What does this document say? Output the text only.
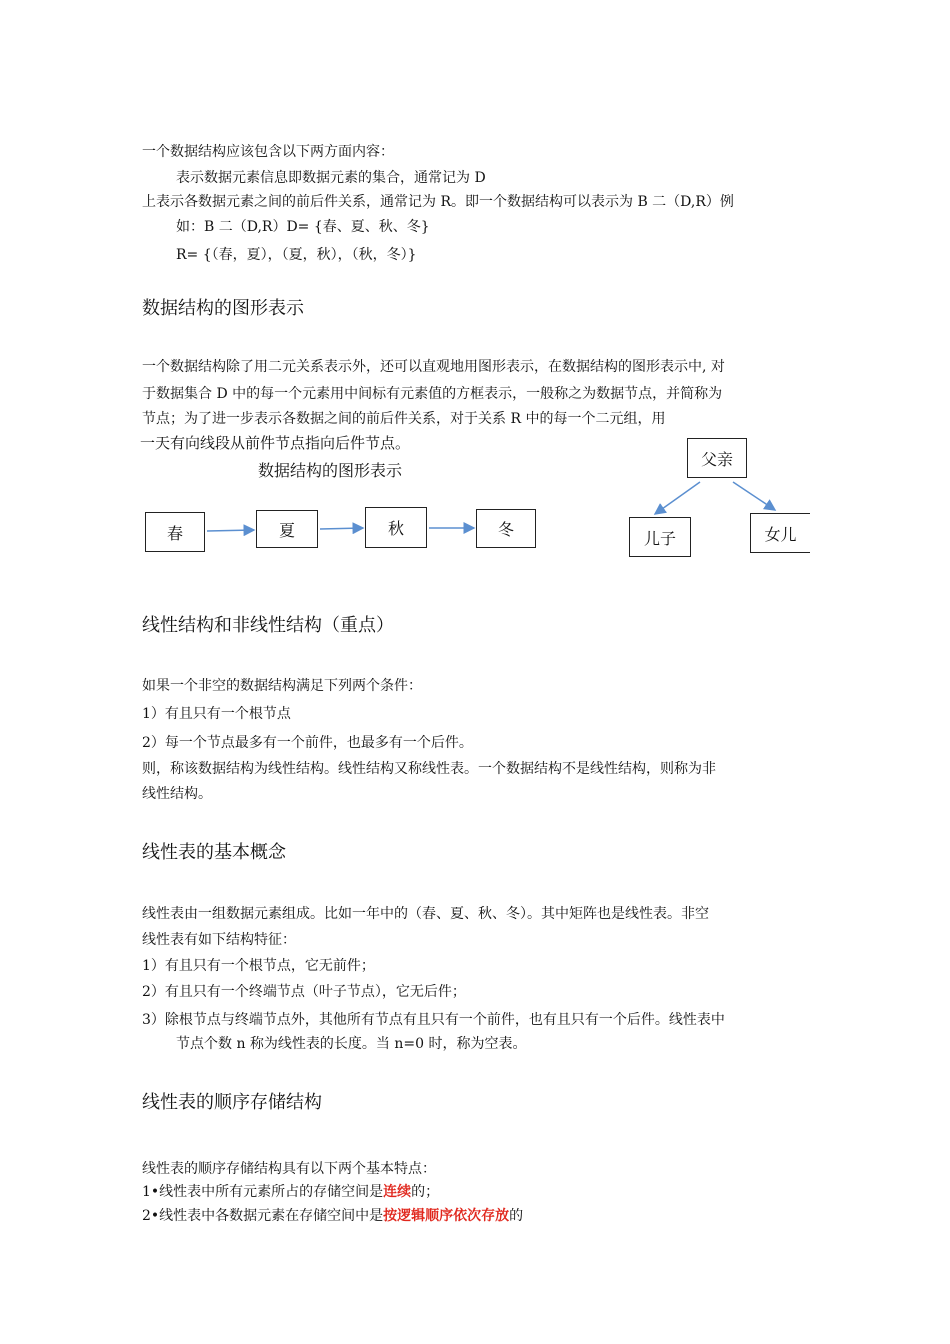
一个数据结构应该包含以下两方面内容：
表示数据元素信息即数据元素的集合，通常记为 D
上表示各数据元素之间的前后件关系，通常记为 R。即一个数据结构可以表示为 B 二（D,R）例
如：B 二（D,R）D= {春、夏、秋、冬}
R= {（春，夏），（夏，秋），（秋，冬）}
数据结构的图形表示
一个数据结构除了用二元关系表示外，还可以直观地用图形表示，在数据结构的图形表示中, 对
于数据集合 D 中的每一个元素用中间标有元素值的方框表示，一般称之为数据节点，并简称为
节点；为了进一步表示各数据之间的前后件关系，对于关系 R 中的每一个二元组，用
一天有向线段从前件节点指向后件节点。
数据结构的图形表示
春	夏	秋	冬
父亲
儿子	女儿
线性结构和非线性结构（重点）
如果一个非空的数据结构满足下列两个条件：
1）有且只有一个根节点
2）每一个节点最多有一个前件，也最多有一个后件。
则，称该数据结构为线性结构。线性结构又称线性表。一个数据结构不是线性结构，则称为非
线性结构。
线性表的基本概念
线性表由一组数据元素组成。比如一年中的（春、夏、秋、冬）。其中矩阵也是线性表。非空
线性表有如下结构特征：
1）有且只有一个根节点，它无前件；
2）有且只有一个终端节点（叶子节点），它无后件；
3）除根节点与终端节点外，其他所有节点有且只有一个前件，也有且只有一个后件。线性表中
节点个数 n 称为线性表的长度。当 n=0 时，称为空表。
线性表的顺序存储结构
线性表的顺序存储结构具有以下两个基本特点：
1•线性表中所有元素所占的存储空间是连续的；
2•线性表中各数据元素在存储空间中是按逻辑顺序依次存放的
